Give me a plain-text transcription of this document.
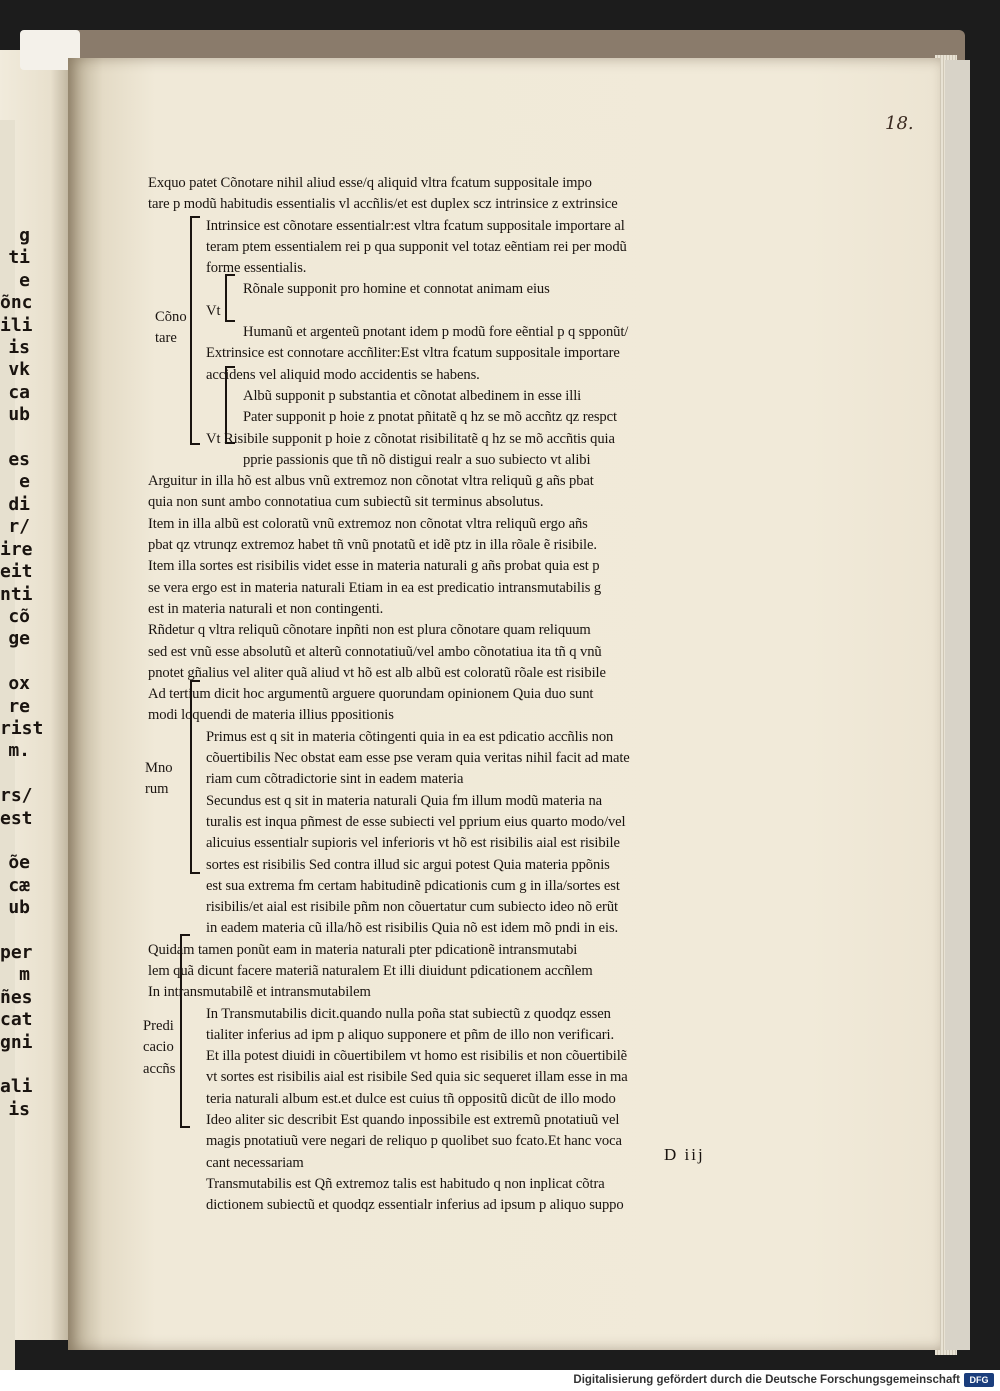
g
ti
e
õnc
ili
is
vk
ca
ub

es
e
di
r/
ire
eit
nti
cõ
ge

ox
re
rist
m.

rs/
est

õe
cæ
ub

per
m
ñes
cat
gni

ali
is
18.
Exquo patet Cõnotare nihil aliud esse/q aliquid vltra fcatum suppositale impo
tare p modũ habitudis essentialis vl accñlis/et est duplex scz intrinsice z extrinsice
Intrinsice est cõnotare essentialr:est vltra fcatum suppositale importare al
teram ptem essentialem rei p qua supponit vel totaz eẽntiam rei per modũ
forme essentialis.
Rõnale supponit pro homine et connotat animam eius
Vt
Humanũ et argenteũ pnotant idem p modũ fore eẽntial p q spponũt/
Extrinsice est connotare accñliter:Est vltra fcatum suppositale importare
accidens vel aliquid modo accidentis se habens.
Albũ supponit p substantia et cõnotat albedinem in esse illi
Pater supponit p hoie z pnotat pñitatẽ q hz se mõ accñtz qz respct
Vt Risibile supponit p hoie z cõnotat risibilitatẽ q hz se mõ accñtis quia
pprie passionis que tñ nõ distigui realr a suo subiecto vt alibi
Arguitur in illa hõ est albus vnũ extremoz non cõnotat vltra reliquũ g añs pbat
quia non sunt ambo connotatiua cum subiectũ sit terminus absolutus.
Item in illa albũ est coloratũ vnũ extremoz non cõnotat vltra reliquũ ergo añs
pbat qz vtrunqz extremoz habet tñ vnũ pnotatũ et idẽ ptz in illa rõale ẽ risibile.
Item illa sortes est risibilis videt esse in materia naturali g añs probat quia est p
se vera ergo est in materia naturali Etiam in ea est predicatio intransmutabilis g
est in materia naturali et non contingenti.
Rñdetur q vltra reliquũ cõnotare inpñti non est plura cõnotare quam reliquum
sed est vnũ esse absolutũ et alterũ connotatiuũ/vel ambo cõnotatiua ita tñ q vnũ
pnotet gñalius vel aliter quã aliud vt hõ est alb albũ est coloratũ rõale est risibile
Ad tertium dicit hoc argumentũ arguere quorundam opinionem Quia duo sunt
modi loquendi de materia illius ppositionis
Primus est q sit in materia cõtingenti quia in ea est pdicatio accñlis non
cõuertibilis Nec obstat eam esse pse veram quia veritas nihil facit ad mate
riam cum cõtradictorie sint in eadem materia
Secundus est q sit in materia naturali Quia fm illum modũ materia na
turalis est inqua pñmest de esse subiecti vel pprium eius quarto modo/vel
alicuius essentialr supioris vel inferioris vt hõ est risibilis aial est risibile
sortes est risibilis Sed contra illud sic argui potest Quia materia ppõnis
est sua extrema fm certam habitudinẽ pdicationis cum g in illa/sortes est
risibilis/et aial est risibile pñm non cõuertatur cum subiecto ideo nõ erũt
in eadem materia cũ illa/hõ est risibilis Quia nõ est idem mõ pndi in eis.
Quidam tamen ponũt eam in materia naturali pter pdicationẽ intransmutabi
lem quã dicunt facere materiã naturalem Et illi diuidunt pdicationem accñlem
In intransmutabilẽ et intransmutabilem
In Transmutabilis dicit.quando nulla poña stat subiectũ z quodqz essen
tialiter inferius ad ipm p aliquo supponere et pñm de illo non verificari.
Et illa potest diuidi in cõuertibilem vt homo est risibilis et non cõuertibilẽ
vt sortes est risibilis aial est risibile Sed quia sic sequeret illam esse in ma
teria naturali album est.et dulce est cuius tñ oppositũ dicũt de illo modo
Ideo aliter sic describit Est quando inpossibile est extremũ pnotatiuũ vel
magis pnotatiuũ vere negari de reliquo p quolibet suo fcato.Et hanc voca
cant necessariam
Transmutabilis est Qñ extremoz talis est habitudo q non inplicat cõtra
dictionem subiectũ et quodqz essentialr inferius ad ipsum p aliquo suppo
Cõno
tare
Mno
rum
Predi
cacio
accñs
D iij
Digitalisierung gefördert durch die Deutsche Forschungsgemeinschaft	DFG
